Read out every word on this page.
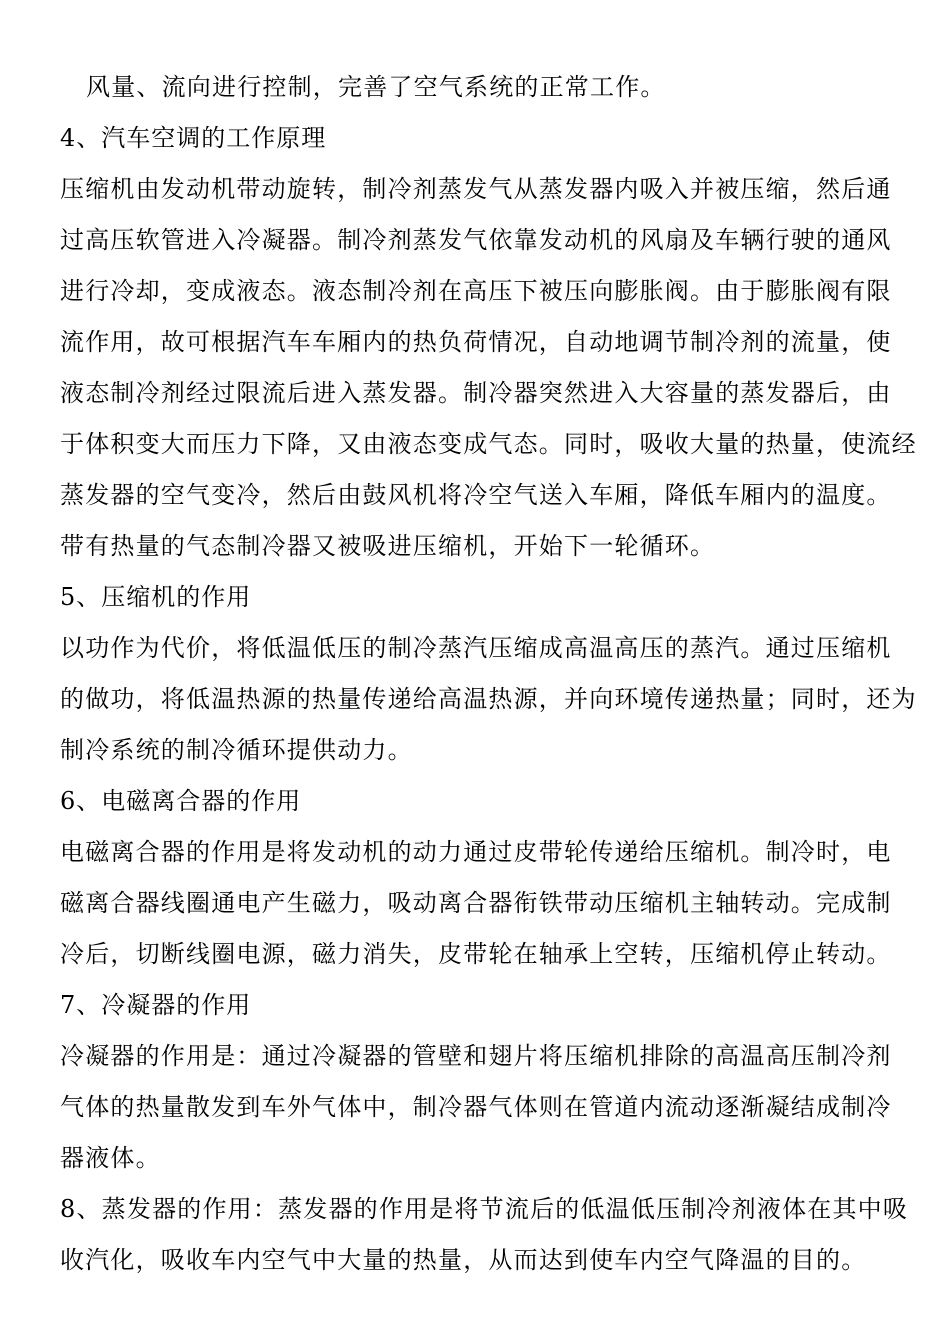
风量、流向进行控制，完善了空气系统的正常工作。

4、汽车空调的工作原理

压缩机由发动机带动旋转，制冷剂蒸发气从蒸发器内吸入并被压缩，然后通

过高压软管进入冷凝器。制冷剂蒸发气依靠发动机的风扇及车辆行驶的通风

进行冷却，变成液态。液态制冷剂在高压下被压向膨胀阀。由于膨胀阀有限

流作用，故可根据汽车车厢内的热负荷情况，自动地调节制冷剂的流量，使

液态制冷剂经过限流后进入蒸发器。制冷器突然进入大容量的蒸发器后，由

于体积变大而压力下降，又由液态变成气态。同时，吸收大量的热量，使流经

蒸发器的空气变冷，然后由鼓风机将冷空气送入车厢，降低车厢内的温度。

带有热量的气态制冷器又被吸进压缩机，开始下一轮循环。

5、压缩机的作用

以功作为代价，将低温低压的制冷蒸汽压缩成高温高压的蒸汽。通过压缩机

的做功，将低温热源的热量传递给高温热源，并向环境传递热量；同时，还为

制冷系统的制冷循环提供动力。

6、电磁离合器的作用

电磁离合器的作用是将发动机的动力通过皮带轮传递给压缩机。制冷时，电

磁离合器线圈通电产生磁力，吸动离合器衔铁带动压缩机主轴转动。完成制

冷后，切断线圈电源，磁力消失，皮带轮在轴承上空转，压缩机停止转动。

7、冷凝器的作用

冷凝器的作用是：通过冷凝器的管壁和翅片将压缩机排除的高温高压制冷剂

气体的热量散发到车外气体中，制冷器气体则在管道内流动逐渐凝结成制冷

器液体。

8、蒸发器的作用：蒸发器的作用是将节流后的低温低压制冷剂液体在其中吸

收汽化，吸收车内空气中大量的热量，从而达到使车内空气降温的目的。
